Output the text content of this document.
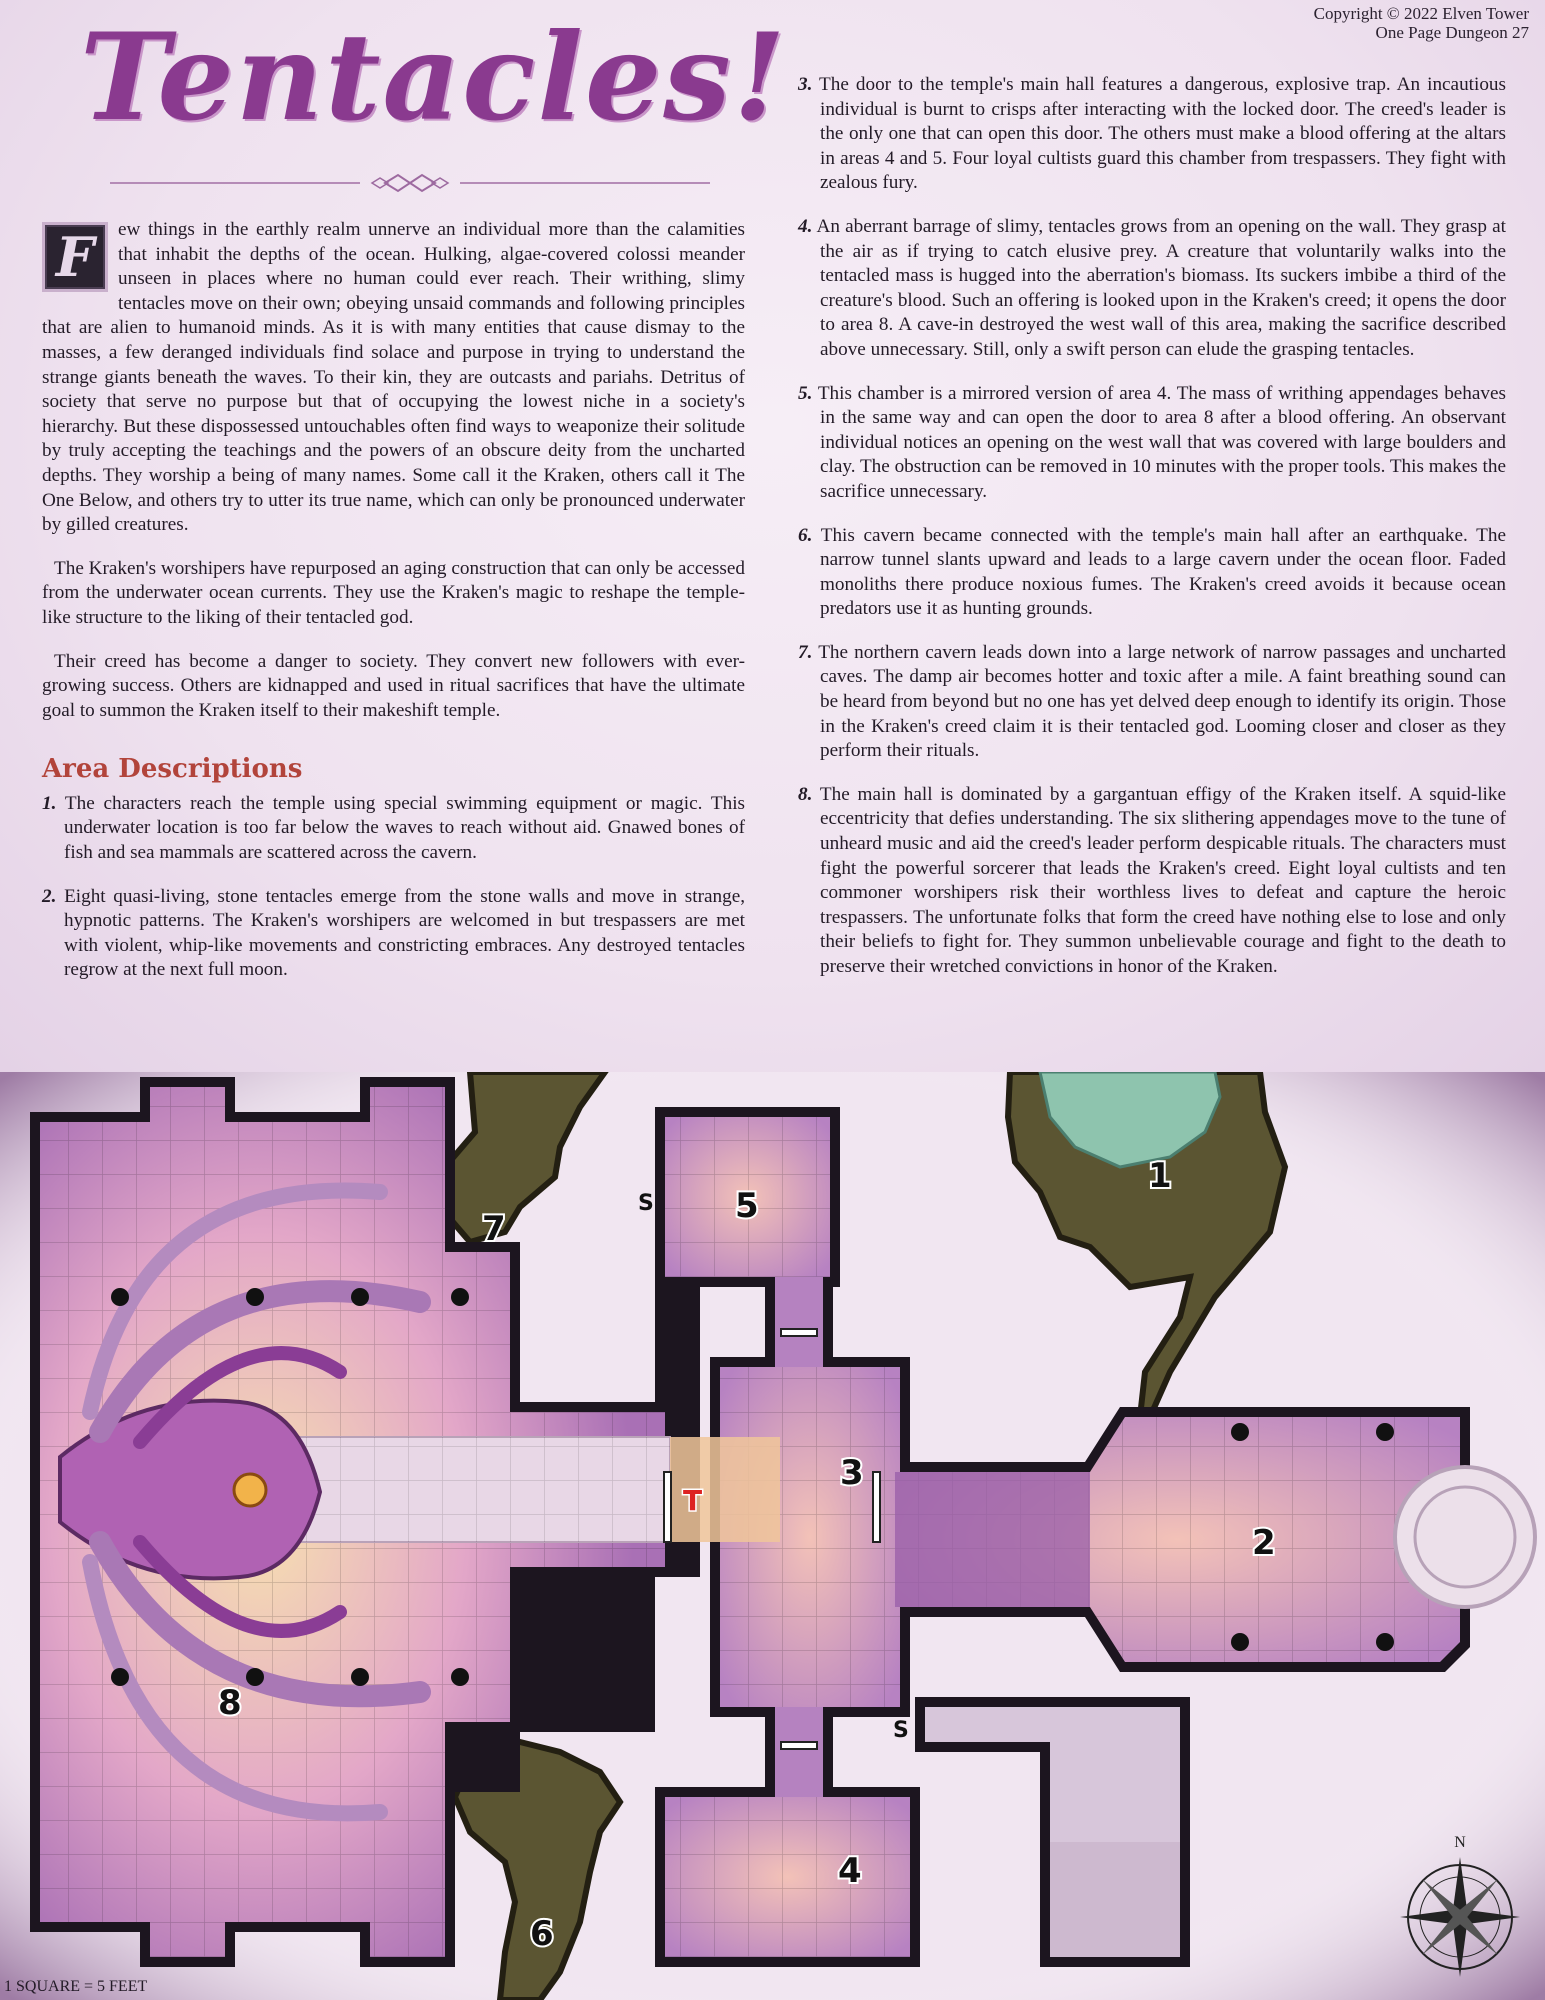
Tentacles!	Copyright © 2022 Elven Tower
One Page Dungeon 27

F	ew things in the earthly realm unnerve an individual more than the calamities that inhabit the depths of the ocean. Hulking, algae-covered colossi meander unseen in places where no human could ever reach. Their writhing, slimy tentacles move on their own; obeying unsaid commands and following principles that are alien to humanoid minds. As it is with many entities that cause dismay to the masses, a few deranged individuals find solace and purpose in trying to understand the strange giants beneath the waves. To their kin, they are outcasts and pariahs. Detritus of society that serve no purpose but that of occupying the lowest niche in a society's hierarchy. But these dispossessed untouchables often find ways to weaponize their solitude by truly accepting the teachings and the powers of an obscure deity from the uncharted depths. They worship a being of many names. Some call it the Kraken, others call it The One Below, and others try to utter its true name, which can only be pronounced underwater by gilled creatures.

The Kraken's worshipers have repurposed an aging construction that can only be accessed from the underwater ocean currents. They use the Kraken's magic to reshape the temple-like structure to the liking of their tentacled god.

Their creed has become a danger to society. They convert new followers with ever-growing success. Others are kidnapped and used in ritual sacrifices that have the ultimate goal to summon the Kraken itself to their makeshift temple.

Area Descriptions

1. The characters reach the temple using special swimming equipment or magic. This underwater location is too far below the waves to reach without aid. Gnawed bones of fish and sea mammals are scattered across the cavern.

2. Eight quasi-living, stone tentacles emerge from the stone walls and move in strange, hypnotic patterns. The Kraken's worshipers are welcomed in but trespassers are met with violent, whip-like movements and constricting embraces. Any destroyed tentacles regrow at the next full moon.

3. The door to the temple's main hall features a dangerous, explosive trap. An incautious individual is burnt to crisps after interacting with the locked door. The creed's leader is the only one that can open this door. The others must make a blood offering at the altars in areas 4 and 5. Four loyal cultists guard this chamber from trespassers. They fight with zealous fury.

4. An aberrant barrage of slimy, tentacles grows from an opening on the wall. They grasp at the air as if trying to catch elusive prey. A creature that voluntarily walks into the tentacled mass is hugged into the aberration's biomass. Its suckers imbibe a third of the creature's blood. Such an offering is looked upon in the Kraken's creed; it opens the door to area 8. A cave-in destroyed the west wall of this area, making the sacrifice described above unnecessary. Still, only a swift person can elude the grasping tentacles.

5. This chamber is a mirrored version of area 4. The mass of writhing appendages behaves in the same way and can open the door to area 8 after a blood offering. An observant individual notices an opening on the west wall that was covered with large boulders and clay. The obstruction can be removed in 10 minutes with the proper tools. This makes the sacrifice unnecessary.

6. This cavern became connected with the temple's main hall after an earthquake. The narrow tunnel slants upward and leads to a large cavern under the ocean floor. Faded monoliths there produce noxious fumes. The Kraken's creed avoids it because ocean predators use it as hunting grounds.

7. The northern cavern leads down into a large network of narrow passages and uncharted caves. The damp air becomes hotter and toxic after a mile. A faint breathing sound can be heard from beyond but no one has yet delved deep enough to identify its origin. Those in the Kraken's creed claim it is their tentacled god. Looming closer and closer as they perform their rituals.

8. The main hall is dominated by a gargantuan effigy of the Kraken itself. A squid-like eccentricity that defies understanding. The six slithering appendages move to the tune of unheard music and aid the creed's leader perform despicable rituals. The characters must fight the powerful sorcerer that leads the Kraken's creed. Eight loyal cultists and ten commoner worshipers risk their worthless lives to defeat and capture the heroic trespassers. The unfortunate folks that form the creed have nothing else to lose and only their beliefs to fight for. They summon unbelievable courage and fight to the death to preserve their wretched convictions in honor of the Kraken.

N
1
2
3
4
5
6
7
8
T
S
S
1 SQUARE = 5 FEET
